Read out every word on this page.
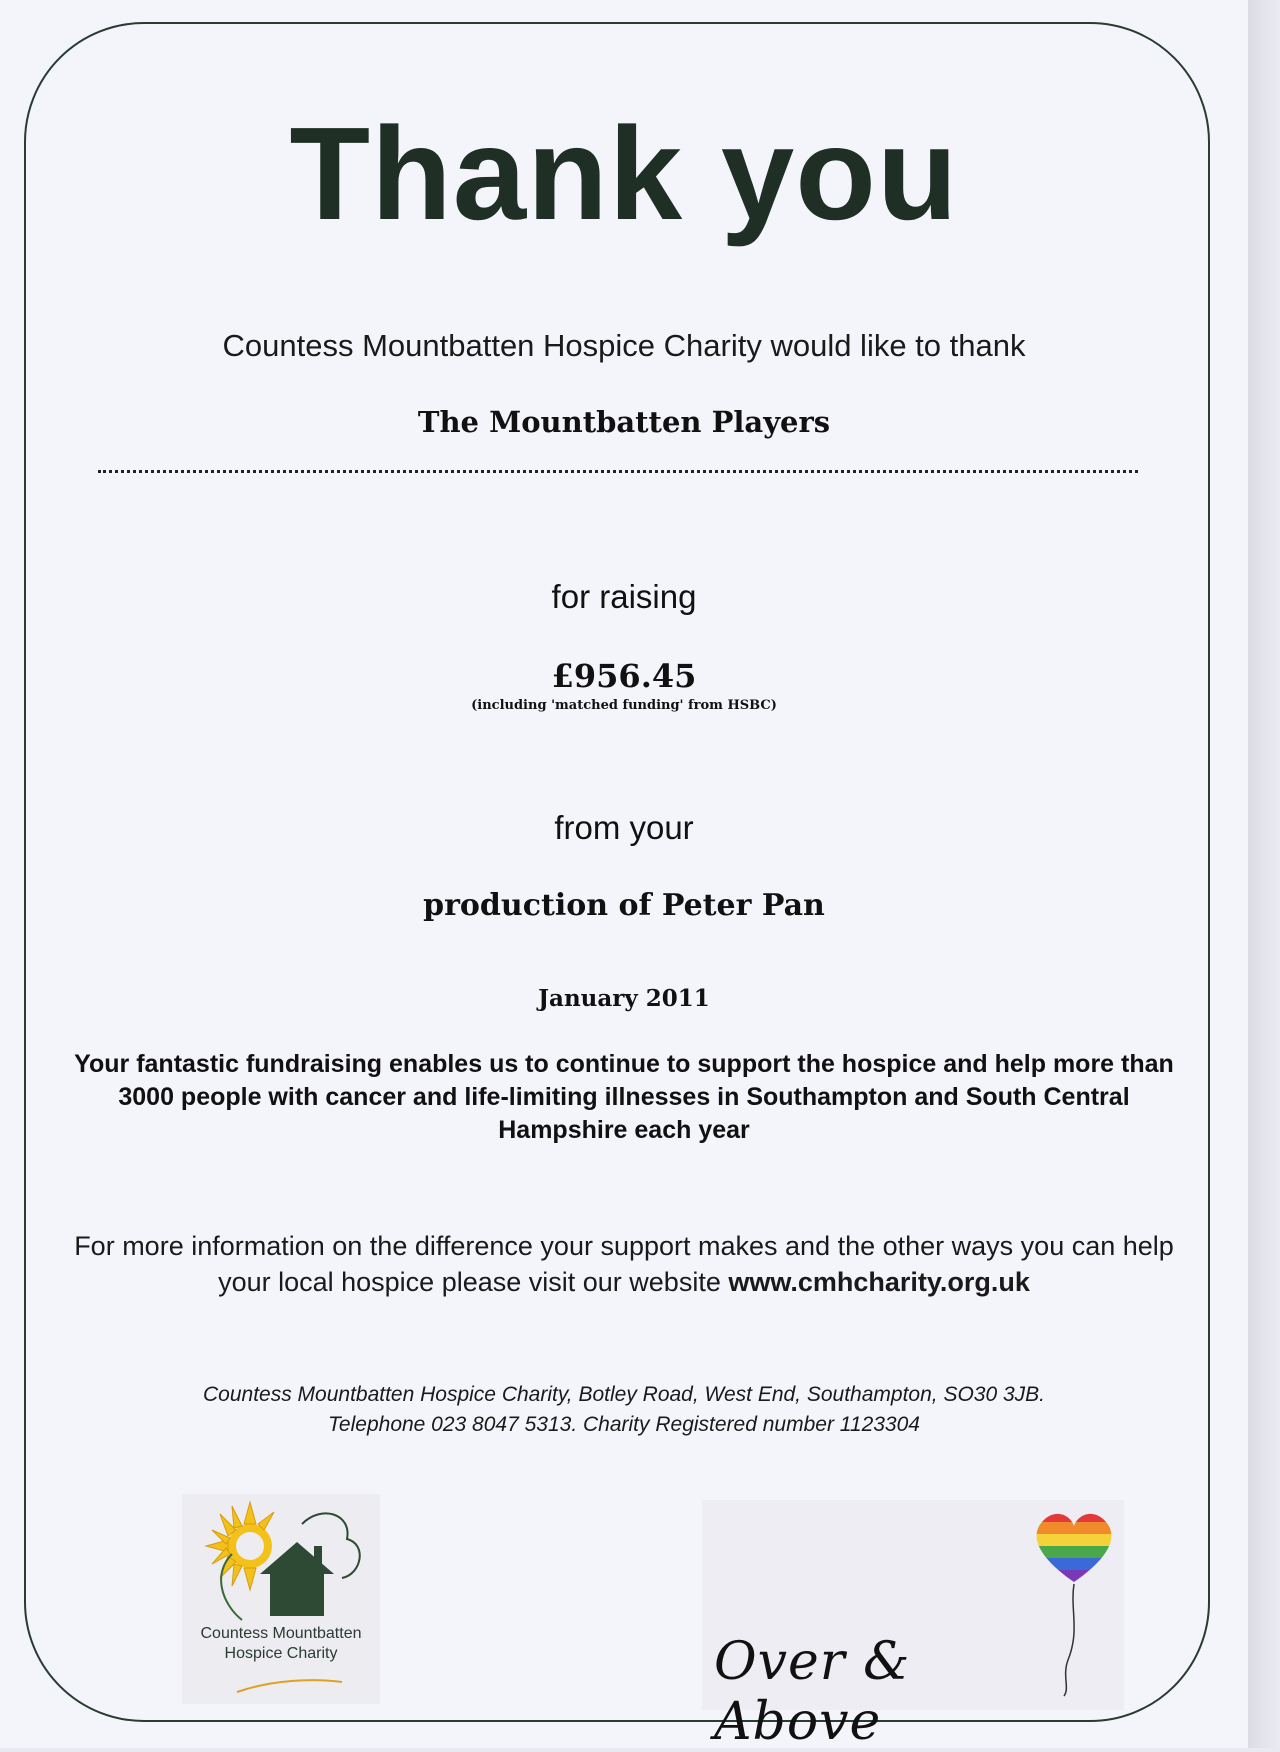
Thank you
Countess Mountbatten Hospice Charity would like to thank
The Mountbatten Players
for raising
£956.45
(including 'matched funding' from HSBC)
from your
production of Peter Pan
January 2011
Your fantastic fundraising enables us to continue to support the hospice and help more than 3000 people with cancer and life-limiting illnesses in Southampton and South Central Hampshire each year
For more information on the difference your support makes and the other ways you can help your local hospice please visit our website www.cmhcharity.org.uk
Countess Mountbatten Hospice Charity, Botley Road, West End, Southampton, SO30 3JB.
Telephone 023 8047 5313. Charity Registered number 1123304
Countess Mountbatten
Hospice Charity	Over & Above
